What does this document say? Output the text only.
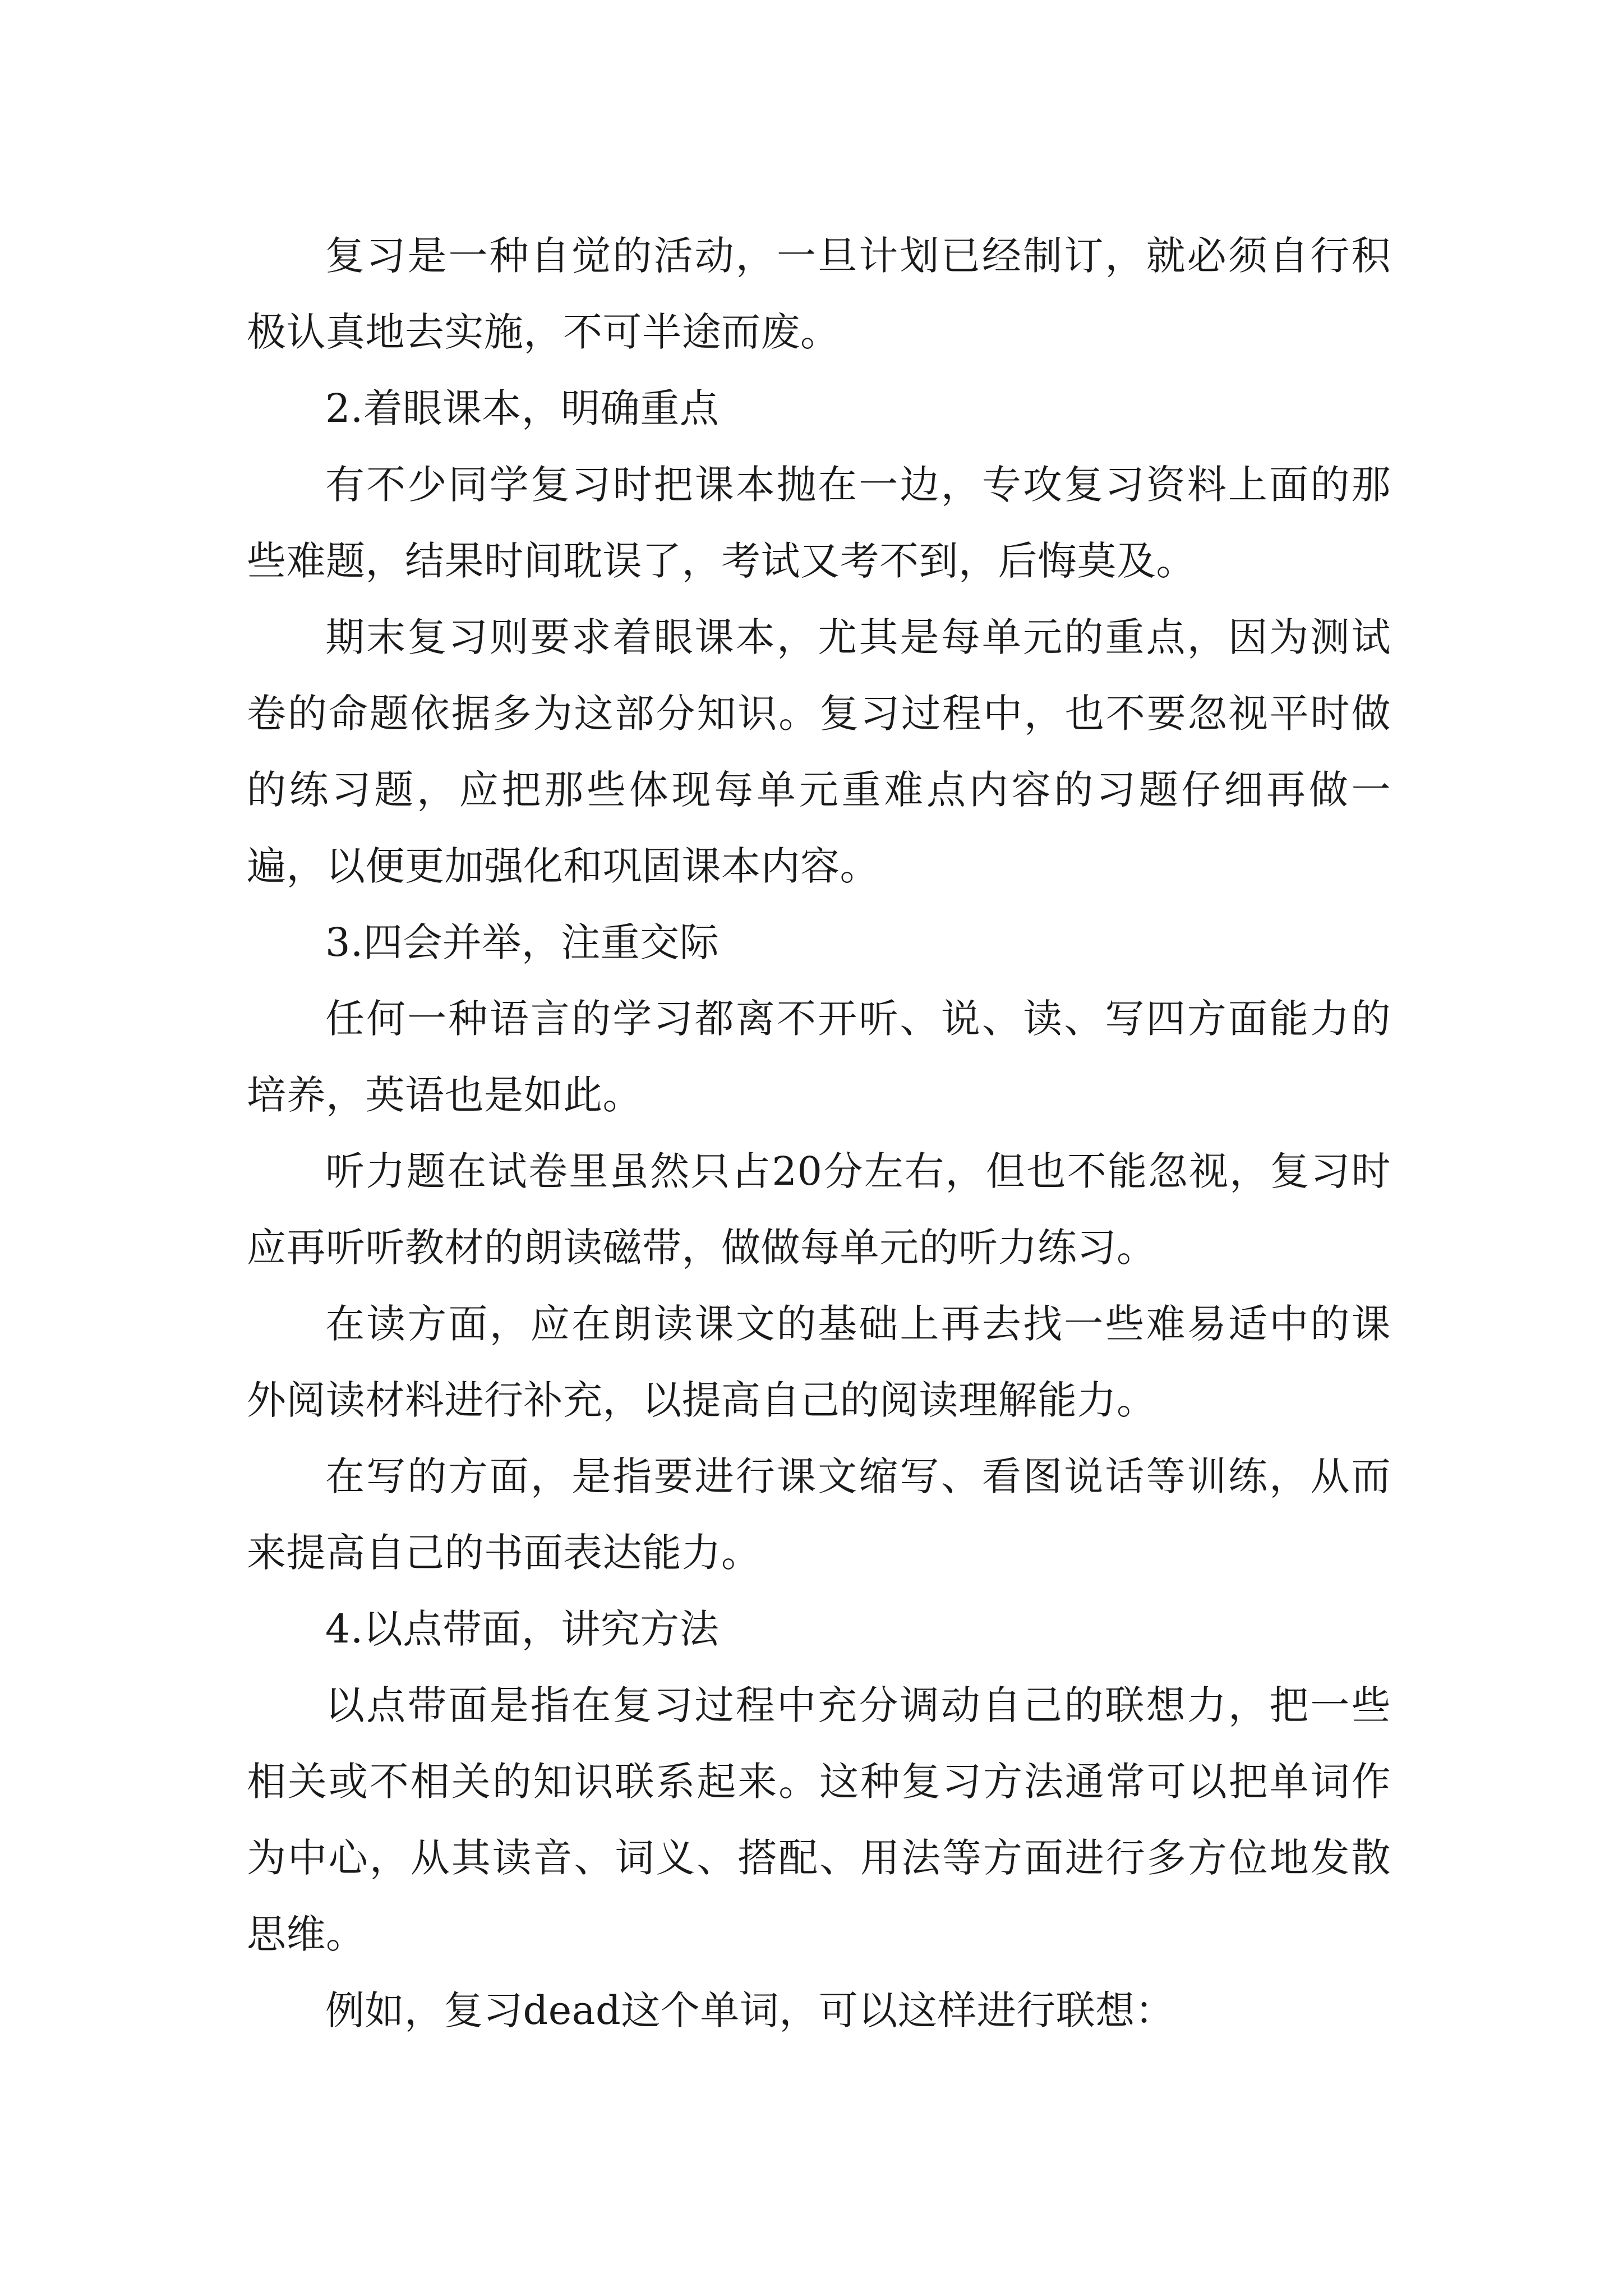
复习是一种自觉的活动，一旦计划已经制订，就必须自行积极认真地去实施，不可半途而废。

2.着眼课本，明确重点

有不少同学复习时把课本抛在一边，专攻复习资料上面的那些难题，结果时间耽误了，考试又考不到，后悔莫及。

期末复习则要求着眼课本，尤其是每单元的重点，因为测试卷的命题依据多为这部分知识。复习过程中，也不要忽视平时做的练习题，应把那些体现每单元重难点内容的习题仔细再做一遍，以便更加强化和巩固课本内容。

3.四会并举，注重交际

任何一种语言的学习都离不开听、说、读、写四方面能力的培养，英语也是如此。

听力题在试卷里虽然只占20分左右，但也不能忽视，复习时应再听听教材的朗读磁带，做做每单元的听力练习。

在读方面，应在朗读课文的基础上再去找一些难易适中的课外阅读材料进行补充，以提高自己的阅读理解能力。

在写的方面，是指要进行课文缩写、看图说话等训练，从而来提高自己的书面表达能力。

4.以点带面，讲究方法

以点带面是指在复习过程中充分调动自己的联想力，把一些相关或不相关的知识联系起来。这种复习方法通常可以把单词作为中心，从其读音、词义、搭配、用法等方面进行多方位地发散思维。

例如，复习dead这个单词，可以这样进行联想：
